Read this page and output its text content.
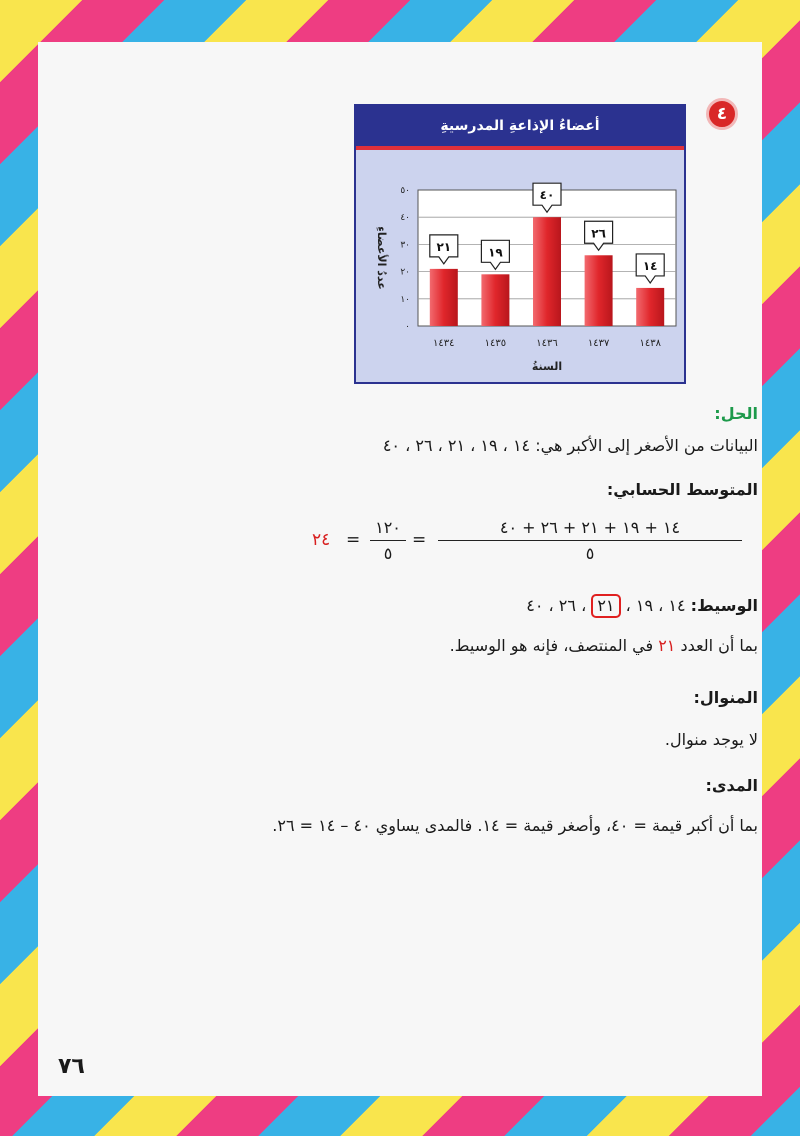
٤
أعضاءُ الإذاعةِ المدرسيةِ
٠
١٠
٢٠
٣٠
٤٠
٥٠
٢١
١٤٣٤
١٩
١٤٣٥
٤٠
١٤٣٦
٢٦
١٤٣٧
١٤
١٤٣٨
السنةُ
عددُ الأعضاءِ
الحل:
البيانات من الأصغر إلى الأكبر هي: ١٤ ، ١٩ ، ٢١ ، ٢٦ ، ٤٠
المتوسط الحسابي:
٢٤ =
١٢٠
٥
=
١٤ + ١٩ + ٢١ + ٢٦ + ٤٠
٥
الوسيط: ١٤ ، ١٩ ، ٢١ ، ٢٦ ، ٤٠
بما أن العدد ٢١ في المنتصف، فإنه هو الوسيط.
المنوال:
لا يوجد منوال.
المدى:
بما أن أكبر قيمة = ٤٠، وأصغر قيمة = ١٤. فالمدى يساوي ٤٠ – ١٤ = ٢٦.
٧٦
